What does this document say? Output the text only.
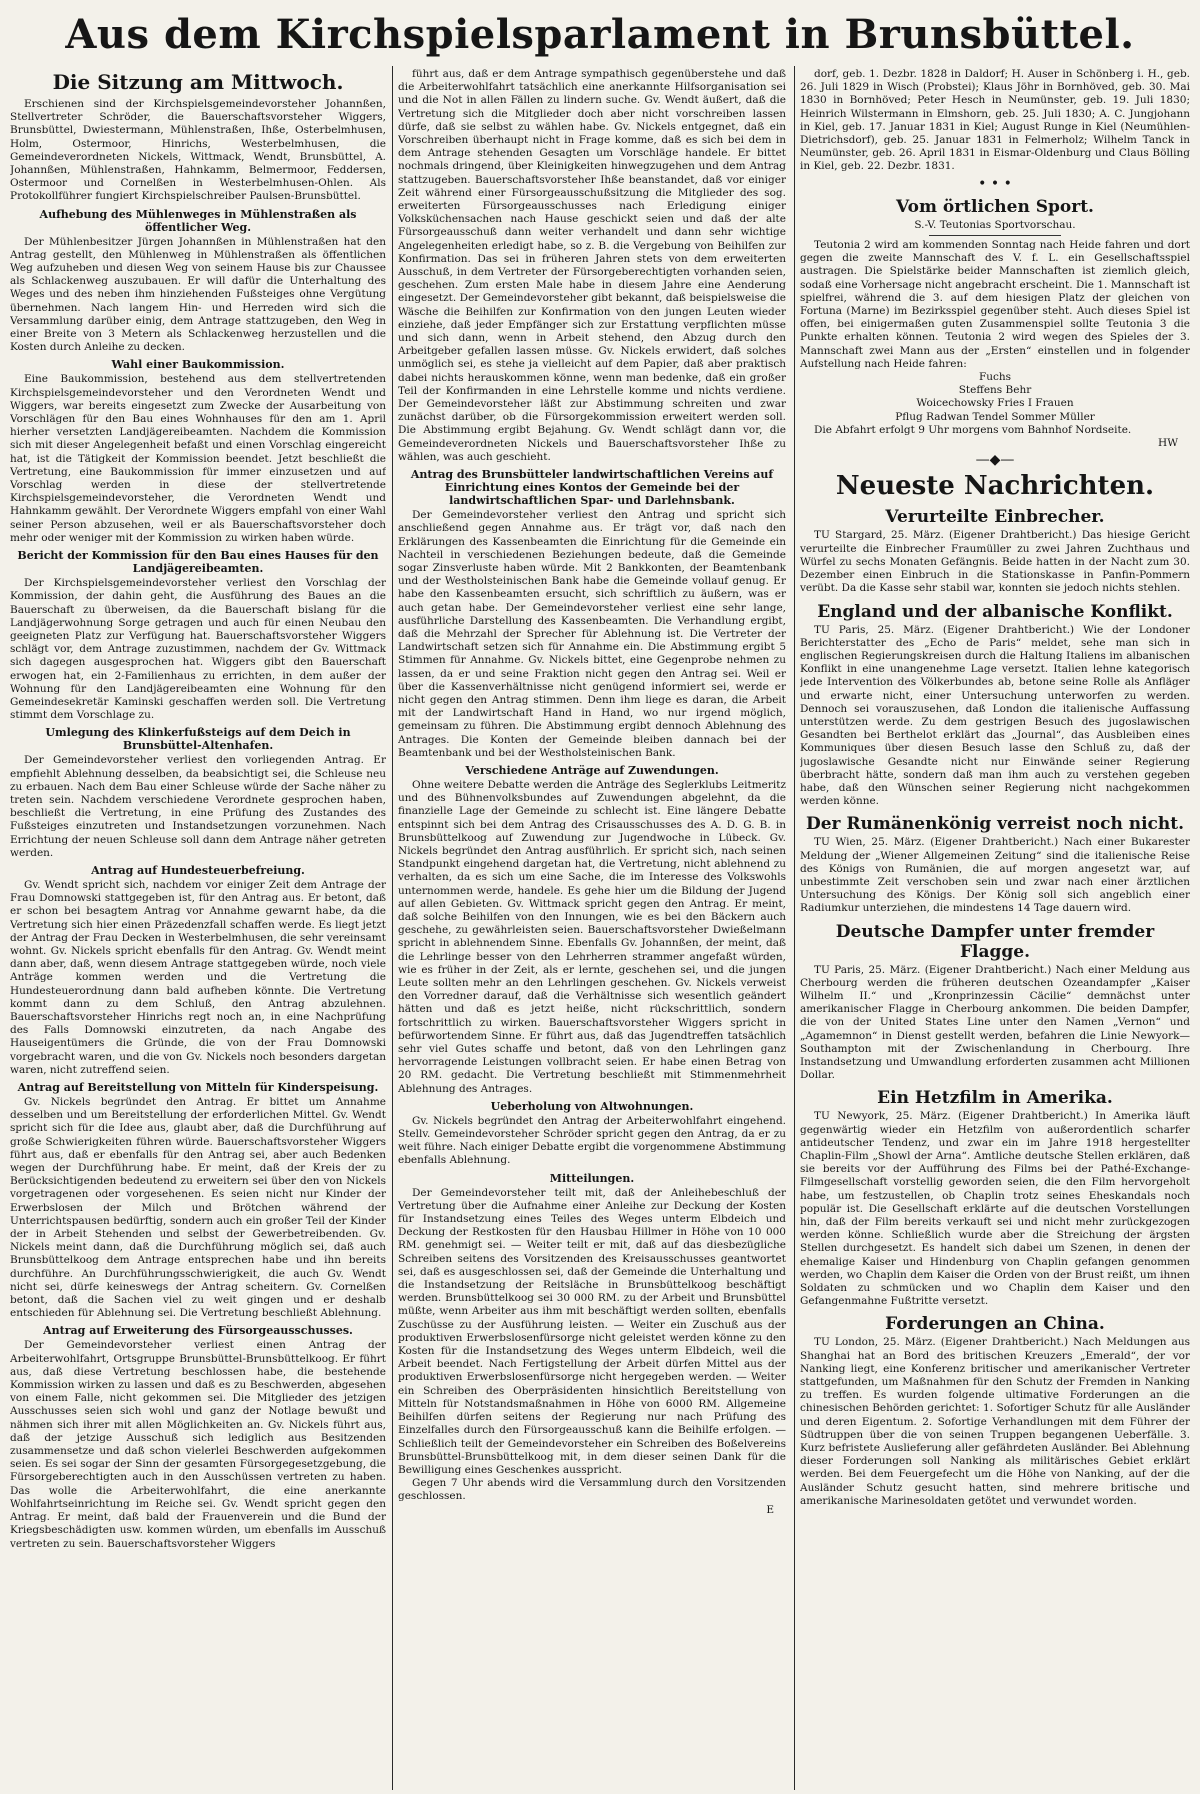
Aus dem Kirchspielsparlament in Brunsbüttel.
Die Sitzung am Mittwoch.

Erschienen sind der Kirchspielsgemeindevorsteher Johannßen, Stellvertreter Schröder, die Bauerschaftsvorsteher Wiggers, Brunsbüttel, Dwiestermann, Mühlenstraßen, Ihße, Osterbelmhusen, Holm, Ostermoor, Hinrichs, Westerbelmhusen, die Gemeindeverordneten Nickels, Wittmack, Wendt, Brunsbüttel, A. Johannßen, Mühlenstraßen, Hahnkamm, Belmermoor, Feddersen, Ostermoor und Cornelßen in Westerbelmhusen-Ohlen. Als Protokollführer fungiert Kirchspielschreiber Paulsen-Brunsbüttel.

Aufhebung des Mühlenweges in Mühlenstraßen als öffentlicher Weg.

Der Mühlenbesitzer Jürgen Johannßen in Mühlenstraßen hat den Antrag gestellt, den Mühlenweg in Mühlenstraßen als öffentlichen Weg aufzuheben und diesen Weg von seinem Hause bis zur Chaussee als Schlackenweg auszubauen. Er will dafür die Unterhaltung des Weges und des neben ihm hinziehenden Fußsteiges ohne Vergütung übernehmen. Nach langem Hin- und Herreden wird sich die Versammlung darüber einig, dem Antrage stattzugeben, den Weg in einer Breite von 3 Metern als Schlackenweg herzustellen und die Kosten durch Anleihe zu decken.

Wahl einer Baukommission.

Eine Baukommission, bestehend aus dem stellvertretenden Kirchspielsgemeindevorsteher und den Verordneten Wendt und Wiggers, war bereits eingesetzt zum Zwecke der Ausarbeitung von Vorschlägen für den Bau eines Wohnhauses für den am 1. April hierher versetzten Landjägereibeamten. Nachdem die Kommission sich mit dieser Angelegenheit befaßt und einen Vorschlag eingereicht hat, ist die Tätigkeit der Kommission beendet. Jetzt beschließt die Vertretung, eine Baukommission für immer einzusetzen und auf Vorschlag werden in diese der stellvertretende Kirchspielsgemeindevorsteher, die Verordneten Wendt und Hahnkamm gewählt. Der Verordnete Wiggers empfahl von einer Wahl seiner Person abzusehen, weil er als Bauerschaftsvorsteher doch mehr oder weniger mit der Kommission zu wirken haben würde.

Bericht der Kommission für den Bau eines Hauses für den Landjägereibeamten.

Der Kirchspielsgemeindevorsteher verliest den Vorschlag der Kommission, der dahin geht, die Ausführung des Baues an die Bauerschaft zu überweisen, da die Bauerschaft bislang für die Landjägerwohnung Sorge getragen und auch für einen Neubau den geeigneten Platz zur Verfügung hat. Bauerschaftsvorsteher Wiggers schlägt vor, dem Antrage zuzustimmen, nachdem der Gv. Wittmack sich dagegen ausgesprochen hat. Wiggers gibt den Bauerschaft erwogen hat, ein 2-Familienhaus zu errichten, in dem außer der Wohnung für den Landjägereibeamten eine Wohnung für den Gemeindesekretär Kaminski geschaffen werden soll. Die Vertretung stimmt dem Vorschlage zu.

Umlegung des Klinkerfußsteigs auf dem Deich in Brunsbüttel-Altenhafen.

Der Gemeindevorsteher verliest den vorliegenden Antrag. Er empfiehlt Ablehnung desselben, da beabsichtigt sei, die Schleuse neu zu erbauen. Nach dem Bau einer Schleuse würde der Sache näher zu treten sein. Nachdem verschiedene Verordnete gesprochen haben, beschließt die Vertretung, in eine Prüfung des Zustandes des Fußsteiges einzutreten und Instandsetzungen vorzunehmen. Nach Errichtung der neuen Schleuse soll dann dem Antrage näher getreten werden.

Antrag auf Hundesteuerbefreiung.

Gv. Wendt spricht sich, nachdem vor einiger Zeit dem Antrage der Frau Domnowski stattgegeben ist, für den Antrag aus. Er betont, daß er schon bei besagtem Antrag vor Annahme gewarnt habe, da die Vertretung sich hier einen Präzedenzfall schaffen werde. Es liegt jetzt der Antrag der Frau Decken in Westerbelmhusen, die sehr vereinsamt wohnt. Gv. Nickels spricht ebenfalls für den Antrag. Gv. Wendt meint dann aber, daß, wenn diesem Antrage stattgegeben würde, noch viele Anträge kommen werden und die Vertretung die Hundesteuerordnung dann bald aufheben könnte. Die Vertretung kommt dann zu dem Schluß, den Antrag abzulehnen. Bauerschaftsvorsteher Hinrichs regt noch an, in eine Nachprüfung des Falls Domnowski einzutreten, da nach Angabe des Hauseigentümers die Gründe, die von der Frau Domnowski vorgebracht waren, und die von Gv. Nickels noch besonders dargetan waren, nicht zutreffend seien.

Antrag auf Bereitstellung von Mitteln für Kinderspeisung.

Gv. Nickels begründet den Antrag. Er bittet um Annahme desselben und um Bereitstellung der erforderlichen Mittel. Gv. Wendt spricht sich für die Idee aus, glaubt aber, daß die Durchführung auf große Schwierigkeiten führen würde. Bauerschaftsvorsteher Wiggers führt aus, daß er ebenfalls für den Antrag sei, aber auch Bedenken wegen der Durchführung habe. Er meint, daß der Kreis der zu Berücksichtigenden bedeutend zu erweitern sei über den von Nickels vorgetragenen oder vorgesehenen. Es seien nicht nur Kinder der Erwerbslosen der Milch und Brötchen während der Unterrichtspausen bedürftig, sondern auch ein großer Teil der Kinder der in Arbeit Stehenden und selbst der Gewerbetreibenden. Gv. Nickels meint dann, daß die Durchführung möglich sei, daß auch Brunsbüttelkoog dem Antrage entsprechen habe und ihn bereits durchführe. An Durchführungsschwierigkeit, die auch Gv. Wendt nicht sei, dürfe keineswegs der Antrag scheitern. Gv. Cornelßen betont, daß die Sachen viel zu weit gingen und er deshalb entschieden für Ablehnung sei. Die Vertretung beschließt Ablehnung.

Antrag auf Erweiterung des Fürsorgeausschusses.

Der Gemeindevorsteher verliest einen Antrag der Arbeiterwohlfahrt, Ortsgruppe Brunsbüttel-Brunsbüttelkoog. Er führt aus, daß diese Vertretung beschlossen habe, die bestehende Kommission wirken zu lassen und daß es zu Beschwerden, abgesehen von einem Falle, nicht gekommen sei. Die Mitglieder des jetzigen Ausschusses seien sich wohl und ganz der Notlage bewußt und nähmen sich ihrer mit allen Möglichkeiten an. Gv. Nickels führt aus, daß der jetzige Ausschuß sich lediglich aus Besitzenden zusammensetze und daß schon vielerlei Beschwerden aufgekommen seien. Es sei sogar der Sinn der gesamten Fürsorgegesetzgebung, die Fürsorgeberechtigten auch in den Ausschüssen vertreten zu haben. Das wolle die Arbeiterwohlfahrt, die eine anerkannte Wohlfahrtseinrichtung im Reiche sei. Gv. Wendt spricht gegen den Antrag. Er meint, daß bald der Frauenverein und die Bund der Kriegsbeschädigten usw. kommen würden, um ebenfalls im Ausschuß vertreten zu sein. Bauerschaftsvorsteher Wiggers

führt aus, daß er dem Antrage sympathisch gegenüberstehe und daß die Arbeiterwohlfahrt tatsächlich eine anerkannte Hilfsorganisation sei und die Not in allen Fällen zu lindern suche. Gv. Wendt äußert, daß die Vertretung sich die Mitglieder doch aber nicht vorschreiben lassen dürfe, daß sie selbst zu wählen habe. Gv. Nickels entgegnet, daß ein Vorschreiben überhaupt nicht in Frage komme, daß es sich bei dem in dem Antrage stehenden Gesagten um Vorschläge handele. Er bittet nochmals dringend, über Kleinigkeiten hinwegzugehen und dem Antrag stattzugeben. Bauerschaftsvorsteher Ihße beanstandet, daß vor einiger Zeit während einer Fürsorgeausschußsitzung die Mitglieder des sog. erweiterten Fürsorgeausschusses nach Erledigung einiger Volksküchensachen nach Hause geschickt seien und daß der alte Fürsorgeausschuß dann weiter verhandelt und dann sehr wichtige Angelegenheiten erledigt habe, so z. B. die Vergebung von Beihilfen zur Konfirmation. Das sei in früheren Jahren stets von dem erweiterten Ausschuß, in dem Vertreter der Fürsorgeberechtigten vorhanden seien, geschehen. Zum ersten Male habe in diesem Jahre eine Aenderung eingesetzt. Der Gemeindevorsteher gibt bekannt, daß beispielsweise die Wäsche die Beihilfen zur Konfirmation von den jungen Leuten wieder einziehe, daß jeder Empfänger sich zur Erstattung verpflichten müsse und sich dann, wenn in Arbeit stehend, den Abzug durch den Arbeitgeber gefallen lassen müsse. Gv. Nickels erwidert, daß solches unmöglich sei, es stehe ja vielleicht auf dem Papier, daß aber praktisch dabei nichts herauskommen könne, wenn man bedenke, daß ein großer Teil der Konfirmanden in eine Lehrstelle komme und nichts verdiene. Der Gemeindevorsteher läßt zur Abstimmung schreiten und zwar zunächst darüber, ob die Fürsorgekommission erweitert werden soll. Die Abstimmung ergibt Bejahung. Gv. Wendt schlägt dann vor, die Gemeindeverordneten Nickels und Bauerschaftsvorsteher Ihße zu wählen, was auch geschieht.

Antrag des Brunsbütteler landwirtschaftlichen Vereins auf Einrichtung eines Kontos der Gemeinde bei der landwirtschaftlichen Spar- und Darlehnsbank.

Der Gemeindevorsteher verliest den Antrag und spricht sich anschließend gegen Annahme aus. Er trägt vor, daß nach den Erklärungen des Kassenbeamten die Einrichtung für die Gemeinde ein Nachteil in verschiedenen Beziehungen bedeute, daß die Gemeinde sogar Zinsverluste haben würde. Mit 2 Bankkonten, der Beamtenbank und der Westholsteinischen Bank habe die Gemeinde vollauf genug. Er habe den Kassenbeamten ersucht, sich schriftlich zu äußern, was er auch getan habe. Der Gemeindevorsteher verliest eine sehr lange, ausführliche Darstellung des Kassenbeamten. Die Verhandlung ergibt, daß die Mehrzahl der Sprecher für Ablehnung ist. Die Vertreter der Landwirtschaft setzen sich für Annahme ein. Die Abstimmung ergibt 5 Stimmen für Annahme. Gv. Nickels bittet, eine Gegenprobe nehmen zu lassen, da er und seine Fraktion nicht gegen den Antrag sei. Weil er über die Kassenverhältnisse nicht genügend informiert sei, werde er nicht gegen den Antrag stimmen. Denn ihm liege es daran, die Arbeit mit der Landwirtschaft Hand in Hand, wo nur irgend möglich, gemeinsam zu führen. Die Abstimmung ergibt dennoch Ablehnung des Antrages. Die Konten der Gemeinde bleiben dannach bei der Beamtenbank und bei der Westholsteinischen Bank.

Verschiedene Anträge auf Zuwendungen.

Ohne weitere Debatte werden die Anträge des Seglerklubs Leitmeritz und des Bühnenvolksbundes auf Zuwendungen abgelehnt, da die finanzielle Lage der Gemeinde zu schlecht ist. Eine längere Debatte entspinnt sich bei dem Antrag des Crisausschusses des A. D. G. B. in Brunsbüttelkoog auf Zuwendung zur Jugendwoche in Lübeck. Gv. Nickels begründet den Antrag ausführlich. Er spricht sich, nach seinen Standpunkt eingehend dargetan hat, die Vertretung, nicht ablehnend zu verhalten, da es sich um eine Sache, die im Interesse des Volkswohls unternommen werde, handele. Es gehe hier um die Bildung der Jugend auf allen Gebieten. Gv. Wittmack spricht gegen den Antrag. Er meint, daß solche Beihilfen von den Innungen, wie es bei den Bäckern auch geschehe, zu gewährleisten seien. Bauerschaftsvorsteher Dwießelmann spricht in ablehnendem Sinne. Ebenfalls Gv. Johannßen, der meint, daß die Lehrlinge besser von den Lehrherren strammer angefaßt würden, wie es früher in der Zeit, als er lernte, geschehen sei, und die jungen Leute sollten mehr an den Lehrlingen geschehen. Gv. Nickels verweist den Vorredner darauf, daß die Verhältnisse sich wesentlich geändert hätten und daß es jetzt heiße, nicht rückschrittlich, sondern fortschrittlich zu wirken. Bauerschaftsvorsteher Wiggers spricht in befürwortendem Sinne. Er führt aus, daß das Jugendtreffen tatsächlich sehr viel Gutes schaffe und betont, daß von den Lehrlingen ganz hervorragende Leistungen vollbracht seien. Er habe einen Betrag von 20 RM. gedacht. Die Vertretung beschließt mit Stimmenmehrheit Ablehnung des Antrages.

Ueberholung von Altwohnungen.

Gv. Nickels begründet den Antrag der Arbeiterwohlfahrt eingehend. Stellv. Gemeindevorsteher Schröder spricht gegen den Antrag, da er zu weit führe. Nach einiger Debatte ergibt die vorgenommene Abstimmung ebenfalls Ablehnung.

Mitteilungen.

Der Gemeindevorsteher teilt mit, daß der Anleihebeschluß der Vertretung über die Aufnahme einer Anleihe zur Deckung der Kosten für Instandsetzung eines Teiles des Weges unterm Elbdeich und Deckung der Restkosten für den Hausbau Hillmer in Höhe von 10 000 RM. genehmigt sei. — Weiter teilt er mit, daß auf das diesbezügliche Schreiben seitens des Vorsitzenden des Kreisausschusses geantwortet sei, daß es ausgeschlossen sei, daß der Gemeinde die Unterhaltung und die Instandsetzung der Reitsläche in Brunsbüttelkoog beschäftigt werden. Brunsbüttelkoog sei 30 000 RM. zu der Arbeit und Brunsbüttel müßte, wenn Arbeiter aus ihm mit beschäftigt werden sollten, ebenfalls Zuschüsse zu der Ausführung leisten. — Weiter ein Zuschuß aus der produktiven Erwerbslosenfürsorge nicht geleistet werden könne zu den Kosten für die Instandsetzung des Weges unterm Elbdeich, weil die Arbeit beendet. Nach Fertigstellung der Arbeit dürfen Mittel aus der produktiven Erwerbslosenfürsorge nicht hergegeben werden. — Weiter ein Schreiben des Oberpräsidenten hinsichtlich Bereitstellung von Mitteln für Notstandsmaßnahmen in Höhe von 6000 RM. Allgemeine Beihilfen dürfen seitens der Regierung nur nach Prüfung des Einzelfalles durch den Fürsorgeausschuß kann die Beihilfe erfolgen. — Schließlich teilt der Gemeindevorsteher ein Schreiben des Boßelvereins Brunsbüttel-Brunsbüttelkoog mit, in dem dieser seinen Dank für die Bewilligung eines Geschenkes ausspricht.

Gegen 7 Uhr abends wird die Versammlung durch den Vorsitzenden geschlossen.

E

dorf, geb. 1. Dezbr. 1828 in Daldorf; H. Auser in Schönberg i. H., geb. 26. Juli 1829 in Wisch (Probstei); Klaus Jöhr in Bornhöved, geb. 30. Mai 1830 in Bornhöved; Peter Hesch in Neumünster, geb. 19. Juli 1830; Heinrich Wilstermann in Elmshorn, geb. 25. Juli 1830; A. C. Jungjohann in Kiel, geb. 17. Januar 1831 in Kiel; August Runge in Kiel (Neumühlen-Dietrichsdorf), geb. 25. Januar 1831 in Felmerholz; Wilhelm Tanck in Neumünster, geb. 26. April 1831 in Eismar-Oldenburg und Claus Bölling in Kiel, geb. 22. Dezbr. 1831.

• • •
Vom örtlichen Sport.
S.-V. Teutonias Sportvorschau.

Teutonia 2 wird am kommenden Sonntag nach Heide fahren und dort gegen die zweite Mannschaft des V. f. L. ein Gesellschaftsspiel austragen. Die Spielstärke beider Mannschaften ist ziemlich gleich, sodaß eine Vorhersage nicht angebracht erscheint. Die 1. Mannschaft ist spielfrei, während die 3. auf dem hiesigen Platz der gleichen von Fortuna (Marne) im Bezirksspiel gegenüber steht. Auch dieses Spiel ist offen, bei einigermaßen guten Zusammenspiel sollte Teutonia 3 die Punkte erhalten können. Teutonia 2 wird wegen des Spieles der 3. Mannschaft zwei Mann aus der „Ersten“ einstellen und in folgender Aufstellung nach Heide fahren:

Fuchs
Steffens Behr
Woicechowsky Fries I Frauen
Pflug Radwan Tendel Sommer Müller

Die Abfahrt erfolgt 9 Uhr morgens vom Bahnhof Nordseite.

HW

—◆—
Neueste Nachrichten.
Verurteilte Einbrecher.

TU Stargard, 25. März. (Eigener Drahtbericht.) Das hiesige Gericht verurteilte die Einbrecher Fraumüller zu zwei Jahren Zuchthaus und Würfel zu sechs Monaten Gefängnis. Beide hatten in der Nacht zum 30. Dezember einen Einbruch in die Stationskasse in Panfin-Pommern verübt. Da die Kasse sehr stabil war, konnten sie jedoch nichts stehlen.

England und der albanische Konflikt.

TU Paris, 25. März. (Eigener Drahtbericht.) Wie der Londoner Berichterstatter des „Echo de Paris“ meldet, sehe man sich in englischen Regierungskreisen durch die Haltung Italiens im albanischen Konflikt in eine unangenehme Lage versetzt. Italien lehne kategorisch jede Intervention des Völkerbundes ab, betone seine Rolle als Anfläger und erwarte nicht, einer Untersuchung unterworfen zu werden. Dennoch sei vorauszusehen, daß London die italienische Auffassung unterstützen werde. Zu dem gestrigen Besuch des jugoslawischen Gesandten bei Berthelot erklärt das „Journal“, das Ausbleiben eines Kommuniques über diesen Besuch lasse den Schluß zu, daß der jugoslawische Gesandte nicht nur Einwände seiner Regierung überbracht hätte, sondern daß man ihm auch zu verstehen gegeben habe, daß den Wünschen seiner Regierung nicht nachgekommen werden könne.

Der Rumänenkönig verreist noch nicht.

TU Wien, 25. März. (Eigener Drahtbericht.) Nach einer Bukarester Meldung der „Wiener Allgemeinen Zeitung“ sind die italienische Reise des Königs von Rumänien, die auf morgen angesetzt war, auf unbestimmte Zeit verschoben sein und zwar nach einer ärztlichen Untersuchung des Königs. Der König soll sich angeblich einer Radiumkur unterziehen, die mindestens 14 Tage dauern wird.

Deutsche Dampfer unter fremder Flagge.

TU Paris, 25. März. (Eigener Drahtbericht.) Nach einer Meldung aus Cherbourg werden die früheren deutschen Ozeandampfer „Kaiser Wilhelm II.“ und „Kronprinzessin Cäcilie“ demnächst unter amerikanischer Flagge in Cherbourg ankommen. Die beiden Dampfer, die von der United States Line unter den Namen „Vernon“ und „Agamemnon“ in Dienst gestellt werden, befahren die Linie Newyork—Southampton mit der Zwischenlandung in Cherbourg. Ihre Instandsetzung und Umwandlung erforderten zusammen acht Millionen Dollar.

Ein Hetzfilm in Amerika.

TU Newyork, 25. März. (Eigener Drahtbericht.) In Amerika läuft gegenwärtig wieder ein Hetzfilm von außerordentlich scharfer antideutscher Tendenz, und zwar ein im Jahre 1918 hergestellter Chaplin-Film „Showl der Arna“. Amtliche deutsche Stellen erklären, daß sie bereits vor der Aufführung des Films bei der Pathé-Exchange-Filmgesellschaft vorstellig geworden seien, die den Film hervorgeholt habe, um festzustellen, ob Chaplin trotz seines Eheskandals noch populär ist. Die Gesellschaft erklärte auf die deutschen Vorstellungen hin, daß der Film bereits verkauft sei und nicht mehr zurückgezogen werden könne. Schließlich wurde aber die Streichung der ärgsten Stellen durchgesetzt. Es handelt sich dabei um Szenen, in denen der ehemalige Kaiser und Hindenburg von Chaplin gefangen genommen werden, wo Chaplin dem Kaiser die Orden von der Brust reißt, um ihnen Soldaten zu schmücken und wo Chaplin dem Kaiser und den Gefangenmahne Fußtritte versetzt.

Forderungen an China.

TU London, 25. März. (Eigener Drahtbericht.) Nach Meldungen aus Shanghai hat an Bord des britischen Kreuzers „Emerald“, der vor Nanking liegt, eine Konferenz britischer und amerikanischer Vertreter stattgefunden, um Maßnahmen für den Schutz der Fremden in Nanking zu treffen. Es wurden folgende ultimative Forderungen an die chinesischen Behörden gerichtet: 1. Sofortiger Schutz für alle Ausländer und deren Eigentum. 2. Sofortige Verhandlungen mit dem Führer der Südtruppen über die von seinen Truppen begangenen Ueberfälle. 3. Kurz befristete Auslieferung aller gefährdeten Ausländer. Bei Ablehnung dieser Forderungen soll Nanking als militärisches Gebiet erklärt werden. Bei dem Feuergefecht um die Höhe von Nanking, auf der die Ausländer Schutz gesucht hatten, sind mehrere britische und amerikanische Marinesoldaten getötet und verwundet worden.
